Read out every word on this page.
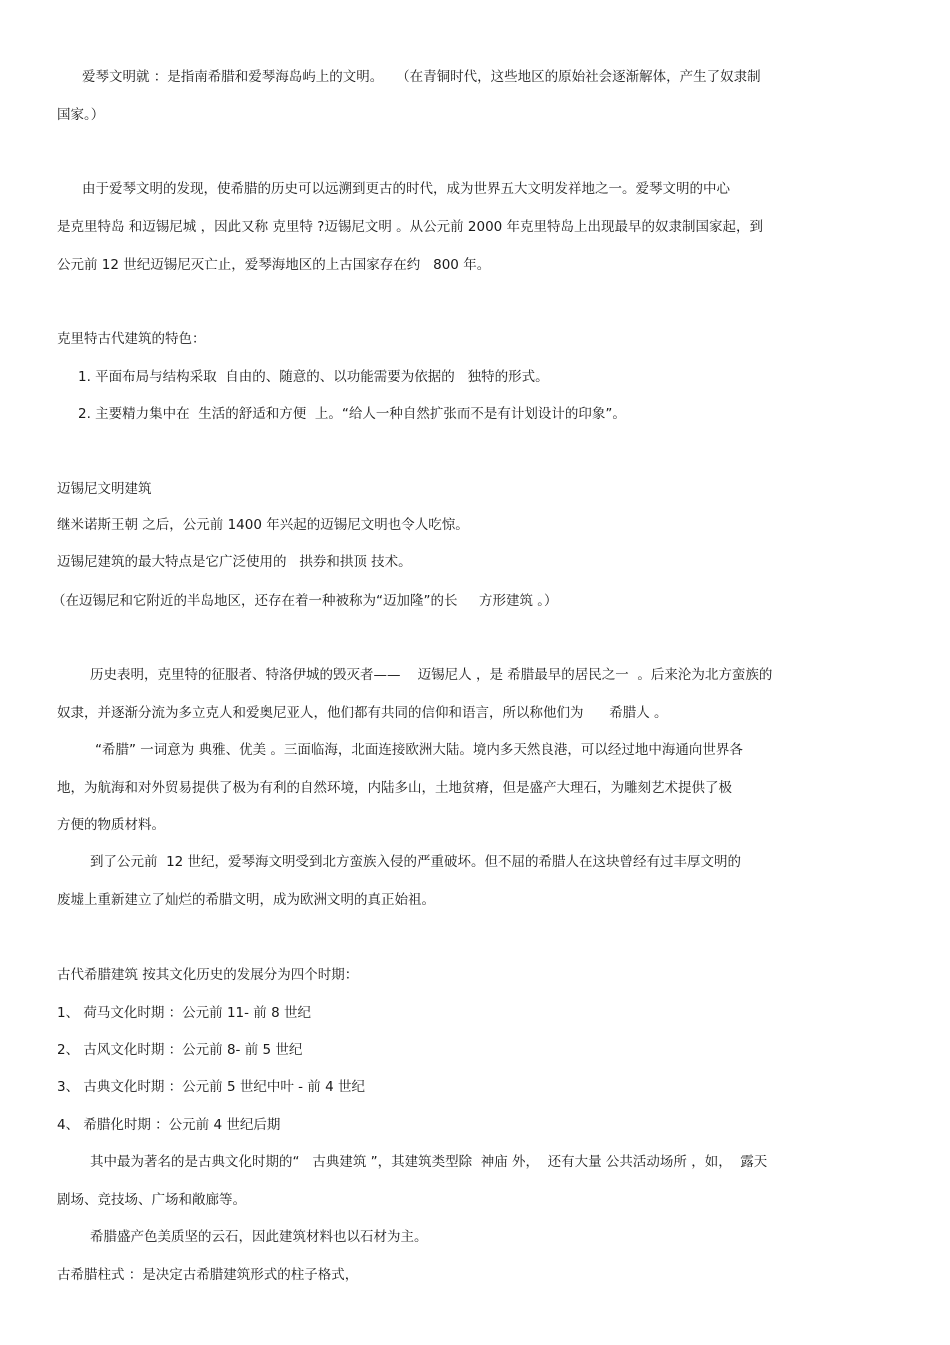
爱琴文明就 ：是指南希腊和爱琴海岛屿上的文明。   （在青铜时代，这些地区的原始社会逐渐解体，产生了奴隶制

国家。）

由于爱琴文明的发现，使希腊的历史可以远溯到更古的时代，成为世界五大文明发祥地之一。爱琴文明的中心

是克里特岛 和迈锡尼城 ，因此又称 克里特 ?迈锡尼文明 。从公元前 2000 年克里特岛上出现最早的奴隶制国家起，到

公元前 12 世纪迈锡尼灭亡止，爱琴海地区的上古国家存在约   800 年。

克里特古代建筑的特色：

1. 平面布局与结构采取  自由的、随意的、以功能需要为依据的   独特的形式。

2. 主要精力集中在  生活的舒适和方便  上。“给人一种自然扩张而不是有计划设计的印象”。

迈锡尼文明建筑

继米诺斯王朝 之后，公元前 1400 年兴起的迈锡尼文明也令人吃惊。

迈锡尼建筑的最大特点是它广泛使用的   拱券和拱顶 技术。

（在迈锡尼和它附近的半岛地区，还存在着一种被称为“迈加隆”的长     方形建筑 。）

历史表明，克里特的征服者、特洛伊城的毁灭者——    迈锡尼人 ，是 希腊最早的居民之一  。后来沦为北方蛮族的

奴隶，并逐渐分流为多立克人和爱奥尼亚人，他们都有共同的信仰和语言，所以称他们为      希腊人 。

“希腊” 一词意为 典雅、优美 。三面临海，北面连接欧洲大陆。境内多天然良港，可以经过地中海通向世界各

地，为航海和对外贸易提供了极为有利的自然环境，内陆多山，土地贫瘠，但是盛产大理石，为雕刻艺术提供了极

方便的物质材料。

到了公元前  12 世纪，爱琴海文明受到北方蛮族入侵的严重破坏。但不屈的希腊人在这块曾经有过丰厚文明的

废墟上重新建立了灿烂的希腊文明，成为欧洲文明的真正始祖。

古代希腊建筑 按其文化历史的发展分为四个时期：

1、 荷马文化时期 ：公元前 11- 前 8 世纪

2、 古风文化时期 ：公元前 8- 前 5 世纪

3、 古典文化时期 ：公元前 5 世纪中叶 - 前 4 世纪

4、 希腊化时期 ：公元前 4 世纪后期

其中最为著名的是古典文化时期的“   古典建筑 ”，其建筑类型除  神庙 外，  还有大量 公共活动场所 ，如，  露天

剧场、竞技场、广场和敞廊等。

希腊盛产色美质坚的云石，因此建筑材料也以石材为主。

古希腊柱式 ：是决定古希腊建筑形式的柱子格式，
